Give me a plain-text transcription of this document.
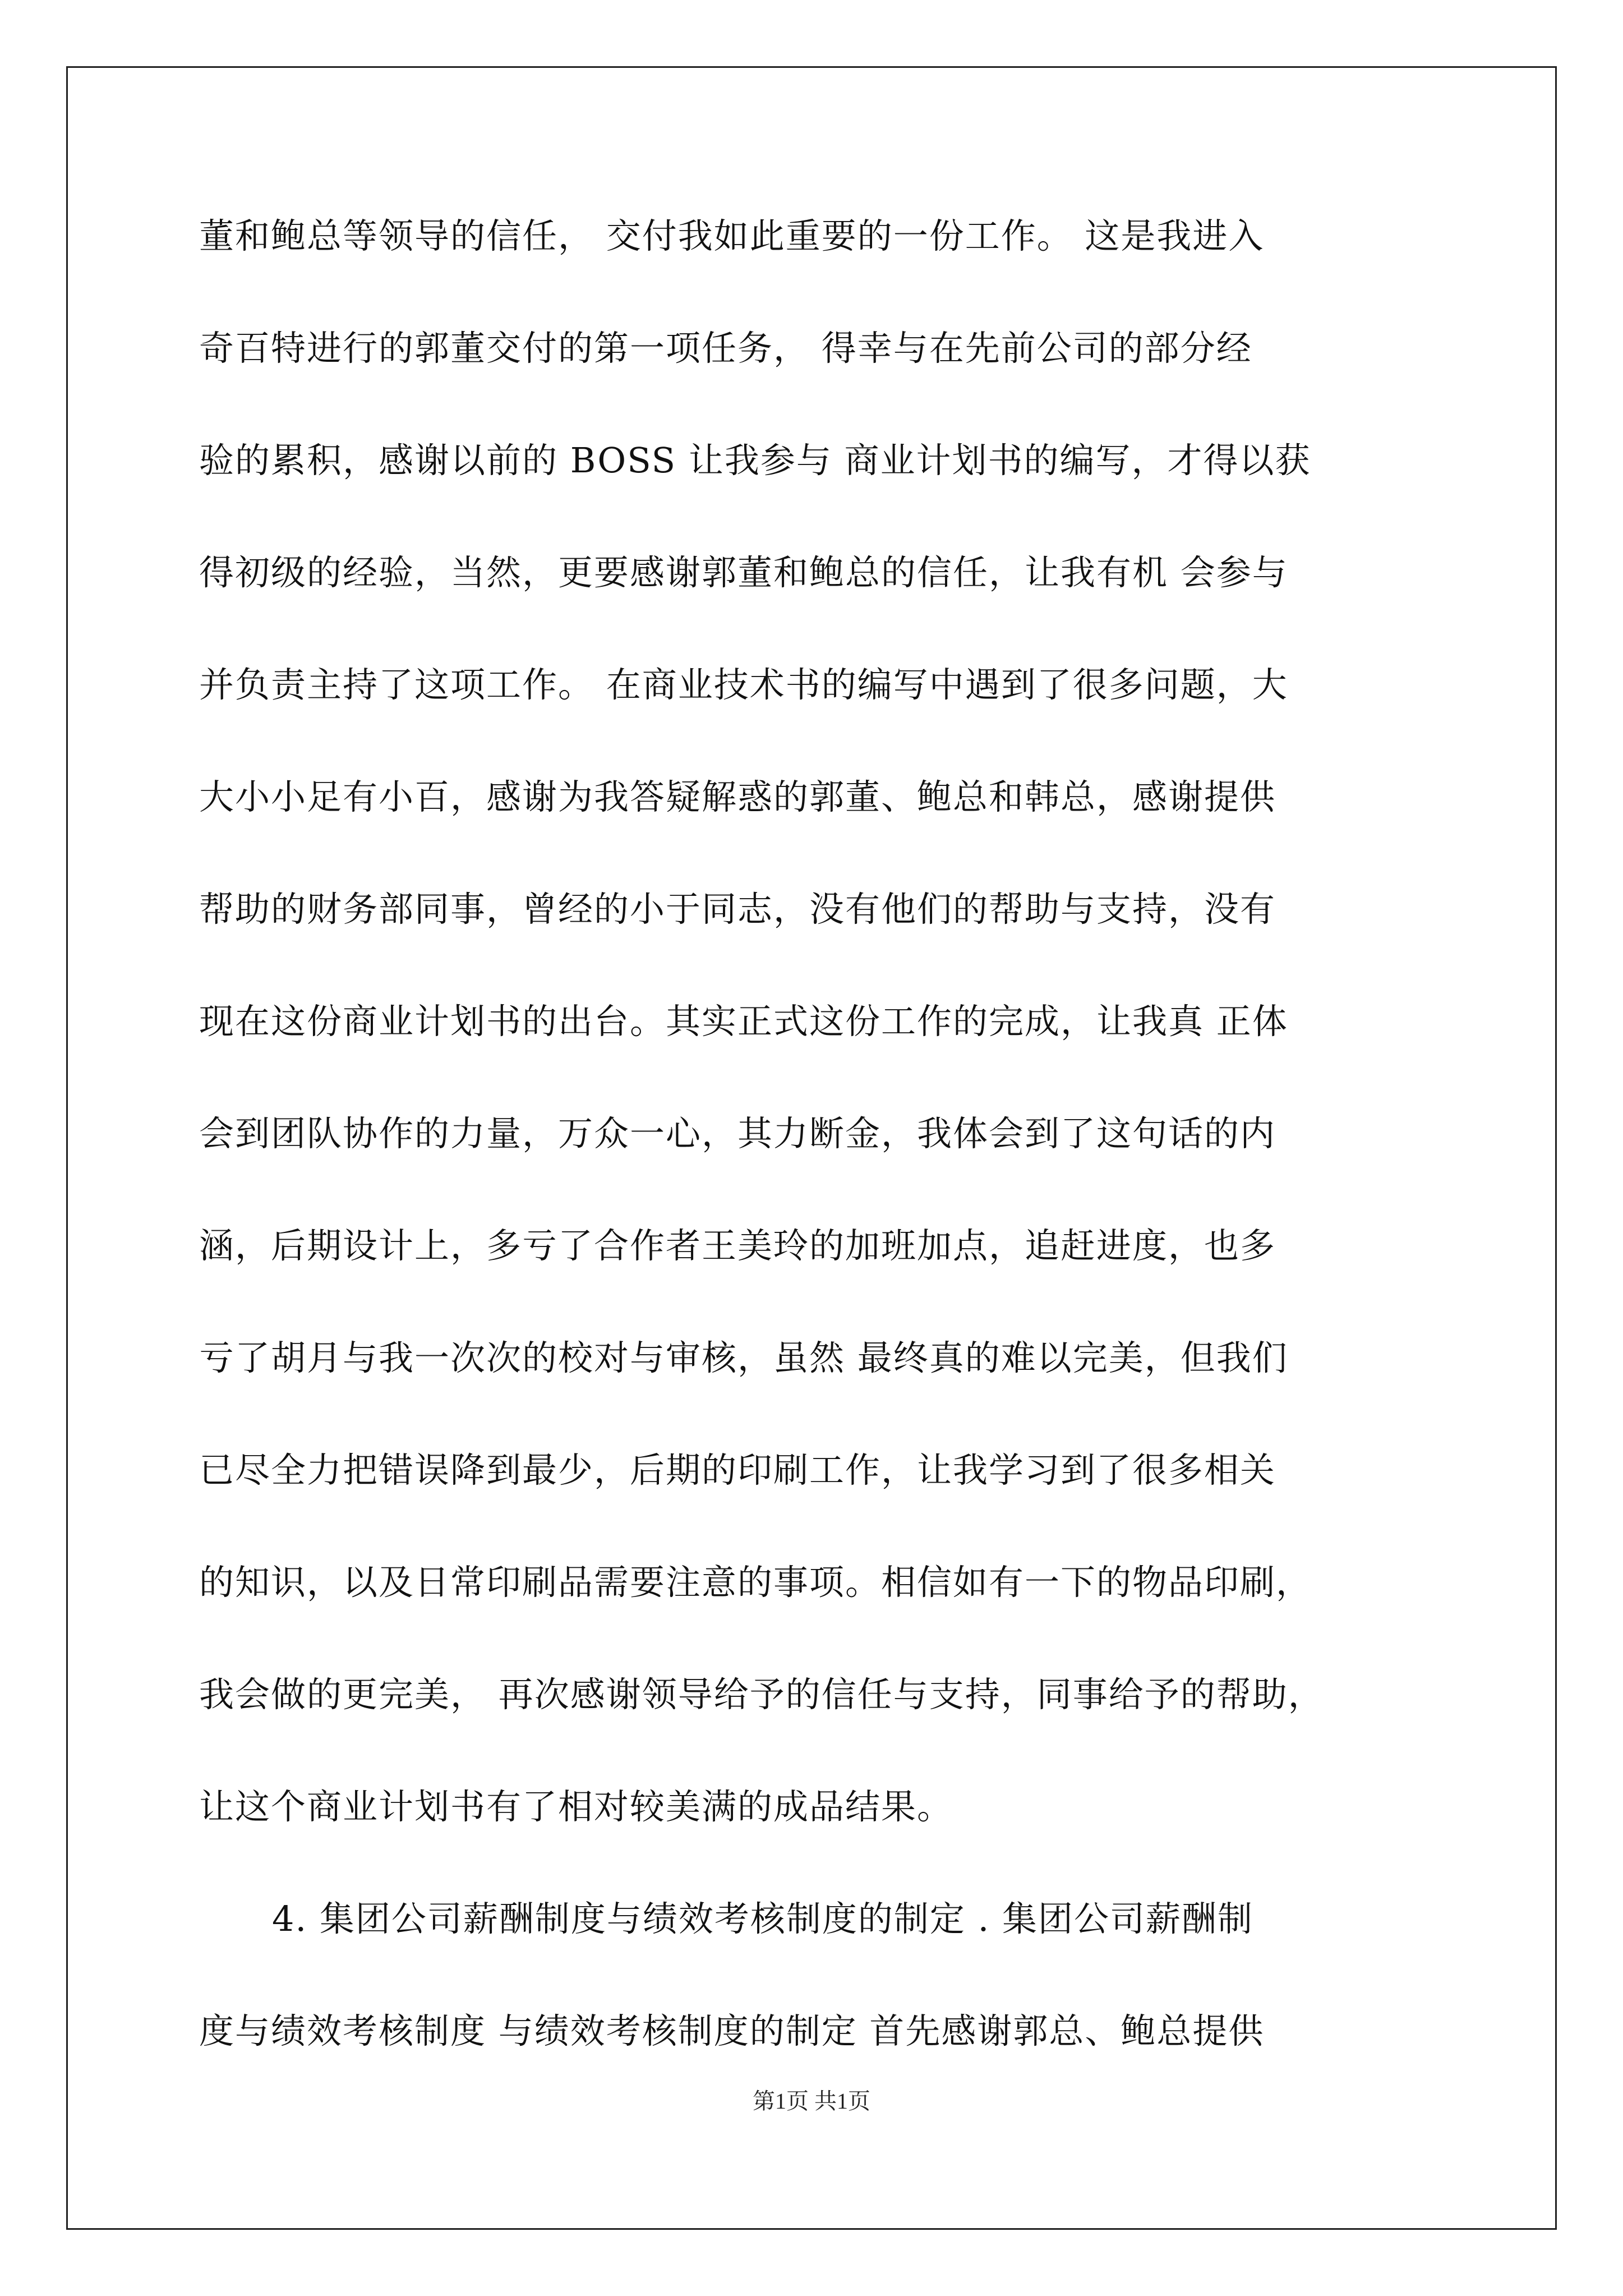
董和鲍总等领导的信任， 交付我如此重要的一份工作。 这是我进入
奇百特进行的郭董交付的第一项任务， 得幸与在先前公司的部分经
验的累积，感谢以前的 BOSS 让我参与 商业计划书的编写，才得以获
得初级的经验，当然，更要感谢郭董和鲍总的信任，让我有机 会参与
并负责主持了这项工作。 在商业技术书的编写中遇到了很多问题，大
大小小足有小百，感谢为我答疑解惑的郭董、鲍总和韩总，感谢提供
帮助的财务部同事，曾经的小于同志，没有他们的帮助与支持，没有
现在这份商业计划书的出台。其实正式这份工作的完成，让我真 正体
会到团队协作的力量，万众一心，其力断金，我体会到了这句话的内
涵，后期设计上，多亏了合作者王美玲的加班加点，追赶进度，也多
亏了胡月与我一次次的校对与审核，虽然 最终真的难以完美，但我们
已尽全力把错误降到最少，后期的印刷工作，让我学习到了很多相关
的知识，以及日常印刷品需要注意的事项。相信如有一下的物品印刷，
我会做的更完美， 再次感谢领导给予的信任与支持，同事给予的帮助，
让这个商业计划书有了相对较美满的成品结果。
4. 集团公司薪酬制度与绩效考核制度的制定 . 集团公司薪酬制
度与绩效考核制度 与绩效考核制度的制定 首先感谢郭总、鲍总提供
第1页 共1页
